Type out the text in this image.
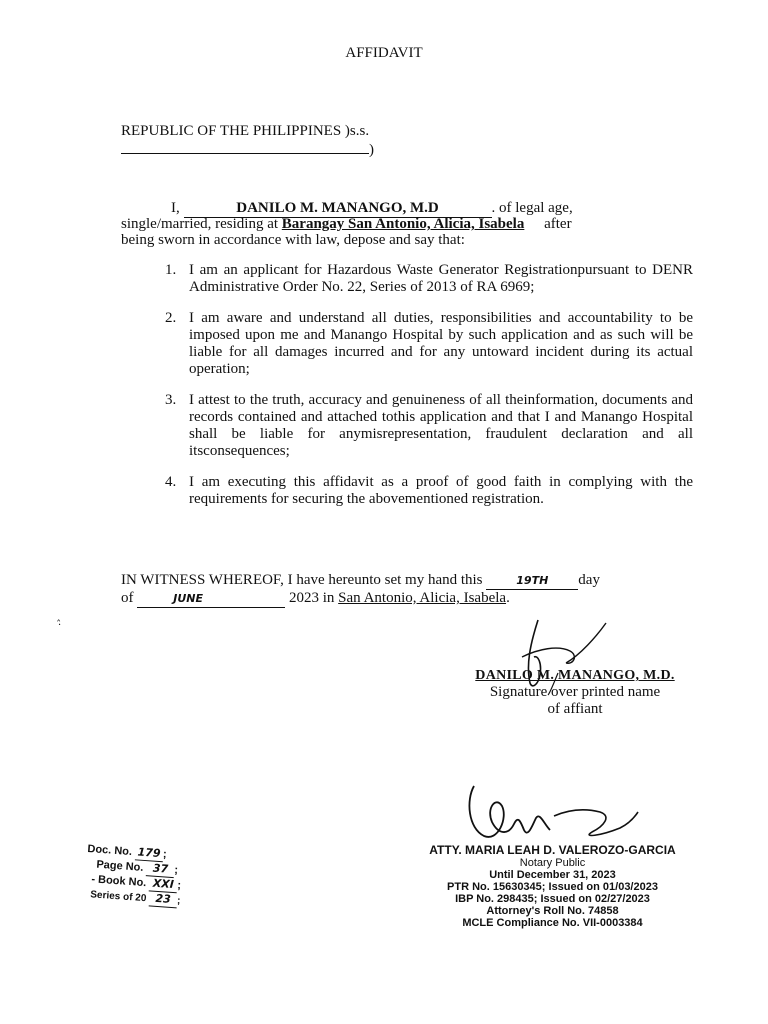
AFFIDAVIT
REPUBLIC OF THE PHILIPPINES )s.s.
)
I,	DANILO M. MANANGO, M.D	. of legal age,
single/married, residing at Barangay San Antonio, Alicia, Isabela after
being sworn in accordance with law, depose and say that:
1. I am an applicant for Hazardous Waste Generator Registrationpursuant to DENR Administrative Order No. 22, Series of 2013 of RA 6969;
2. I am aware and understand all duties, responsibilities and accountability to be imposed upon me and Manango Hospital by such application and as such will be liable for all damages incurred and for any untoward incident during its actual operation;
3. I attest to the truth, accuracy and genuineness of all theinformation, documents and records contained and attached tothis application and that I and Manango Hospital shall be liable for anymisrepresentation, fraudulent declaration and all itsconsequences;
4. I am executing this affidavit as a proof of good faith in complying with the requirements for securing the abovementioned registration.
IN WITNESS WHEREOF, I have hereunto set my hand this	19TH day
of	JUNE	2023 in San Antonio, Alicia, Isabela.
·̂
DANILO M. MANANGO, M.D.
Signature over printed name
of affiant
ATTY. MARIA LEAH D. VALEROZO-GARCIA
Notary Public
Until December 31, 2023
PTR No. 15630345; Issued on 01/03/2023
IBP No. 298435; Issued on 02/27/2023
Attorney's Roll No. 74858
MCLE Compliance No. VII-0003384
Doc. No. 179 ;
Page No. 37 ;
- Book No. XXI ;
Series of 20 23 ;
